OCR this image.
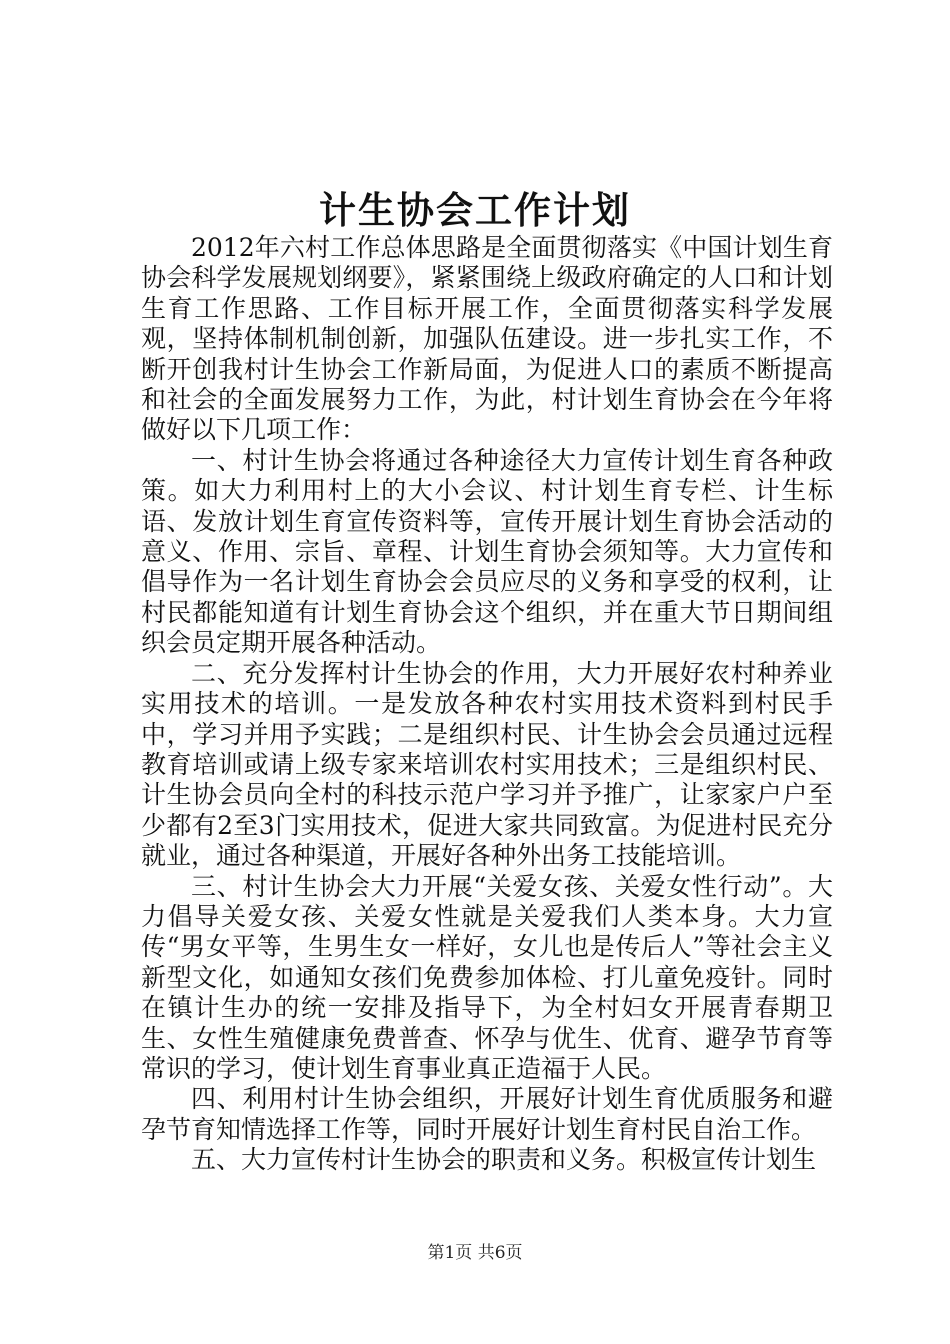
计生协会工作计划

2012年六村工作总体思路是全面贯彻落实《中国计划生育协会科学发展规划纲要》，紧紧围绕上级政府确定的人口和计划生育工作思路、工作目标开展工作，全面贯彻落实科学发展观，坚持体制机制创新，加强队伍建设。进一步扎实工作，不断开创我村计生协会工作新局面，为促进人口的素质不断提高和社会的全面发展努力工作，为此，村计划生育协会在今年将做好以下几项工作：

一、村计生协会将通过各种途径大力宣传计划生育各种政策。如大力利用村上的大小会议、村计划生育专栏、计生标语、发放计划生育宣传资料等，宣传开展计划生育协会活动的意义、作用、宗旨、章程、计划生育协会须知等。大力宣传和倡导作为一名计划生育协会会员应尽的义务和享受的权利，让村民都能知道有计划生育协会这个组织，并在重大节日期间组织会员定期开展各种活动。

二、充分发挥村计生协会的作用，大力开展好农村种养业实用技术的培训。一是发放各种农村实用技术资料到村民手中，学习并用予实践；二是组织村民、计生协会会员通过远程教育培训或请上级专家来培训农村实用技术；三是组织村民、计生协会员向全村的科技示范户学习并予推广，让家家户户至少都有2至3门实用技术，促进大家共同致富。为促进村民充分就业，通过各种渠道，开展好各种外出务工技能培训。

三、村计生协会大力开展“关爱女孩、关爱女性行动”。大力倡导关爱女孩、关爱女性就是关爱我们人类本身。大力宣传“男女平等，生男生女一样好，女儿也是传后人”等社会主义新型文化，如通知女孩们免费参加体检、打儿童免疫针。同时在镇计生办的统一安排及指导下，为全村妇女开展青春期卫生、女性生殖健康免费普查、怀孕与优生、优育、避孕节育等常识的学习，使计划生育事业真正造福于人民。

四、利用村计生协会组织，开展好计划生育优质服务和避孕节育知情选择工作等，同时开展好计划生育村民自治工作。

五、大力宣传村计生协会的职责和义务。积极宣传计划生

第1页 共6页
